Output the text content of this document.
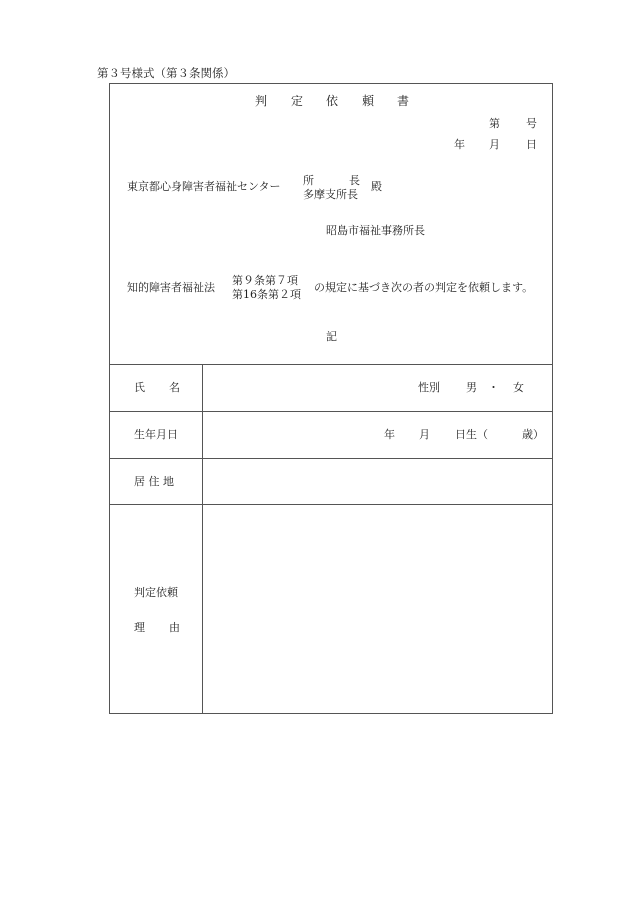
第３号様式（第３条関係）
判 定 依 頼 書
第 号
年 月 日
東京都心身障害者福祉センター 所	長
多摩支所長
殿
昭島市福祉事務所長
知的障害者福祉法
第９条第７項
第16条第２項
の規定に基づき次の者の判定を依頼します。
記
氏 名	性別 男 ・ 女
生年月日	年 月 日生（	歳）
居 住 地
判定依頼
理 由
